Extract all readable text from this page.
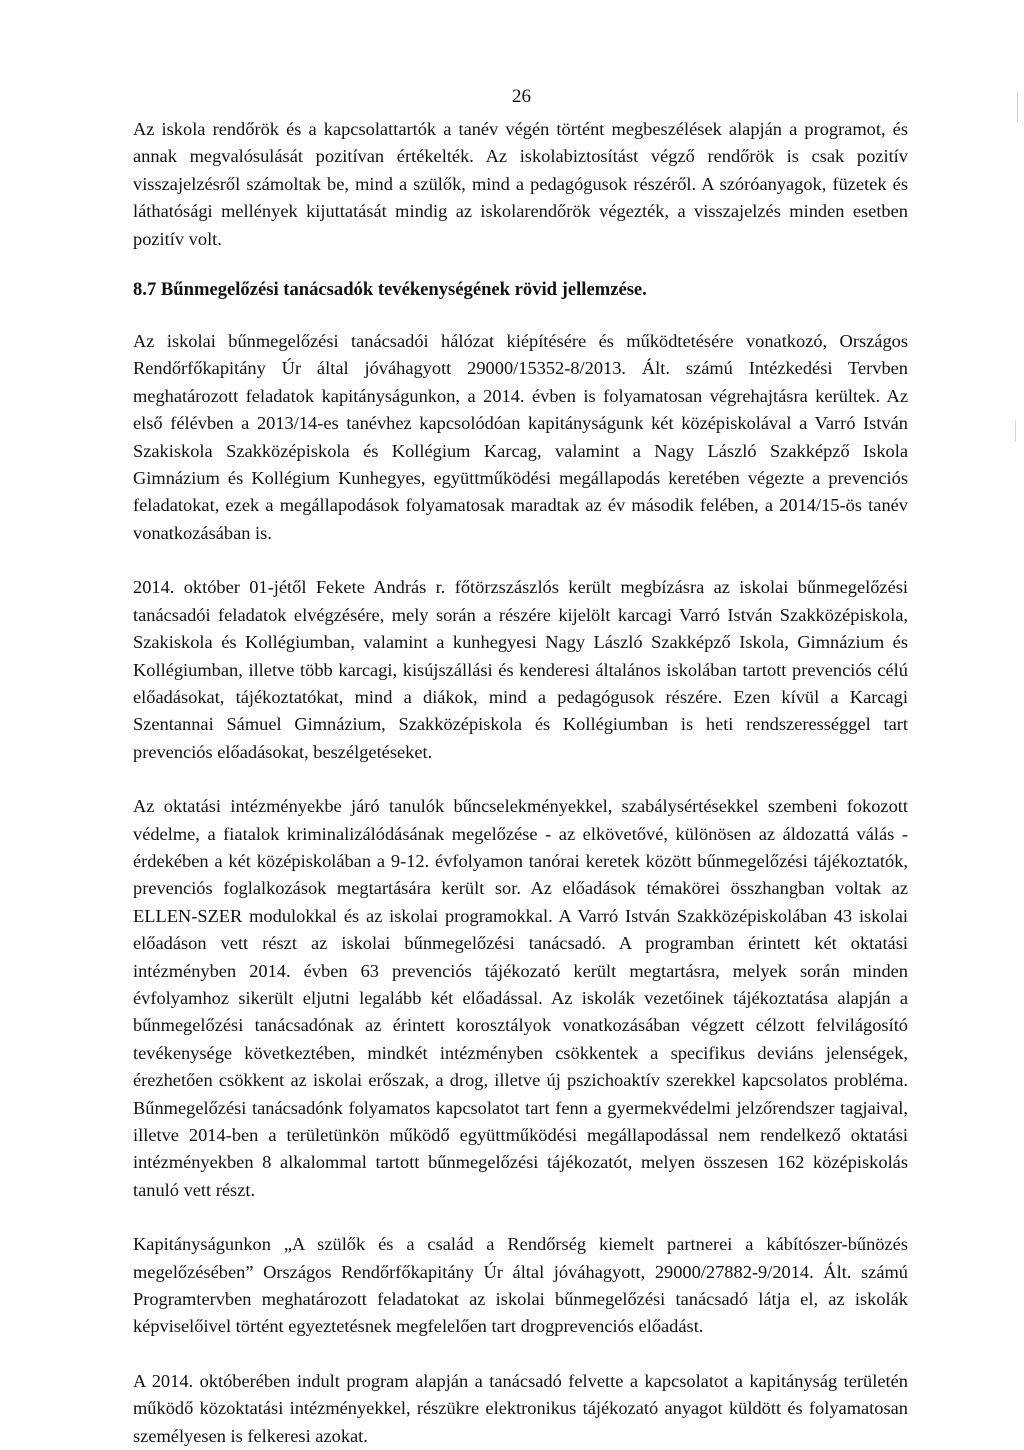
26

Az iskola rendőrök és a kapcsolattartók a tanév végén történt megbeszélések alapján a programot, és annak megvalósulását pozitívan értékelték. Az iskolabiztosítást végző rendőrök is csak pozitív visszajelzésről számoltak be, mind a szülők, mind a pedagógusok részéről. A szóróanyagok, füzetek és láthatósági mellények kijuttatását mindig az iskolarendőrök végezték, a visszajelzés minden esetben pozitív volt.

8.7 Bűnmegelőzési tanácsadók tevékenységének rövid jellemzése.

Az iskolai bűnmegelőzési tanácsadói hálózat kiépítésére és működtetésére vonatkozó, Országos Rendőrfőkapitány Úr által jóváhagyott 29000/15352-8/2013. Ált. számú Intézkedési Tervben meghatározott feladatok kapitányságunkon, a 2014. évben is folyamatosan végrehajtásra kerültek. Az első félévben a 2013/14-es tanévhez kapcsolódóan kapitányságunk két középiskolával a Varró István Szakiskola Szakközépiskola és Kollégium Karcag, valamint a Nagy László Szakképző Iskola Gimnázium és Kollégium Kunhegyes, együttműködési megállapodás keretében végezte a prevenciós feladatokat, ezek a megállapodások folyamatosak maradtak az év második felében, a 2014/15-ös tanév vonatkozásában is.

2014. október 01-jétől Fekete András r. főtörzszászlós került megbízásra az iskolai bűnmegelőzési tanácsadói feladatok elvégzésére, mely során a részére kijelölt karcagi Varró István Szakközépiskola, Szakiskola és Kollégiumban, valamint a kunhegyesi Nagy László Szakképző Iskola, Gimnázium és Kollégiumban, illetve több karcagi, kisújszállási és kenderesi általános iskolában tartott prevenciós célú előadásokat, tájékoztatókat, mind a diákok, mind a pedagógusok részére. Ezen kívül a Karcagi Szentannai Sámuel Gimnázium, Szakközépiskola és Kollégiumban is heti rendszerességgel tart prevenciós előadásokat, beszélgetéseket.

Az oktatási intézményekbe járó tanulók bűncselekményekkel, szabálysértésekkel szembeni fokozott védelme, a fiatalok kriminalizálódásának megelőzése - az elkövetővé, különösen az áldozattá válás - érdekében a két középiskolában a 9-12. évfolyamon tanórai keretek között bűnmegelőzési tájékoztatók, prevenciós foglalkozások megtartására került sor. Az előadások témakörei összhangban voltak az ELLEN-SZER modulokkal és az iskolai programokkal. A Varró István Szakközépiskolában 43 iskolai előadáson vett részt az iskolai bűnmegelőzési tanácsadó. A programban érintett két oktatási intézményben 2014. évben 63 prevenciós tájékozató került megtartásra, melyek során minden évfolyamhoz sikerült eljutni legalább két előadással. Az iskolák vezetőinek tájékoztatása alapján a bűnmegelőzési tanácsadónak az érintett korosztályok vonatkozásában végzett célzott felvilágosító tevékenysége következtében, mindkét intézményben csökkentek a specifikus deviáns jelenségek, érezhetően csökkent az iskolai erőszak, a drog, illetve új pszichoaktív szerekkel kapcsolatos probléma. Bűnmegelőzési tanácsadónk folyamatos kapcsolatot tart fenn a gyermekvédelmi jelzőrendszer tagjaival, illetve 2014-ben a területünkön működő együttműködési megállapodással nem rendelkező oktatási intézményekben 8 alkalommal tartott bűnmegelőzési tájékozatót, melyen összesen 162 középiskolás tanuló vett részt.

Kapitányságunkon „A szülők és a család a Rendőrség kiemelt partnerei a kábítószer-bűnözés megelőzésében” Országos Rendőrfőkapitány Úr által jóváhagyott, 29000/27882-9/2014. Ált. számú Programtervben meghatározott feladatokat az iskolai bűnmegelőzési tanácsadó látja el, az iskolák képviselőivel történt egyeztetésnek megfelelően tart drogprevenciós előadást.

A 2014. októberében indult program alapján a tanácsadó felvette a kapcsolatot a kapitányság területén működő közoktatási intézményekkel, részükre elektronikus tájékozató anyagot küldött és folyamatosan személyesen is felkeresi azokat.
